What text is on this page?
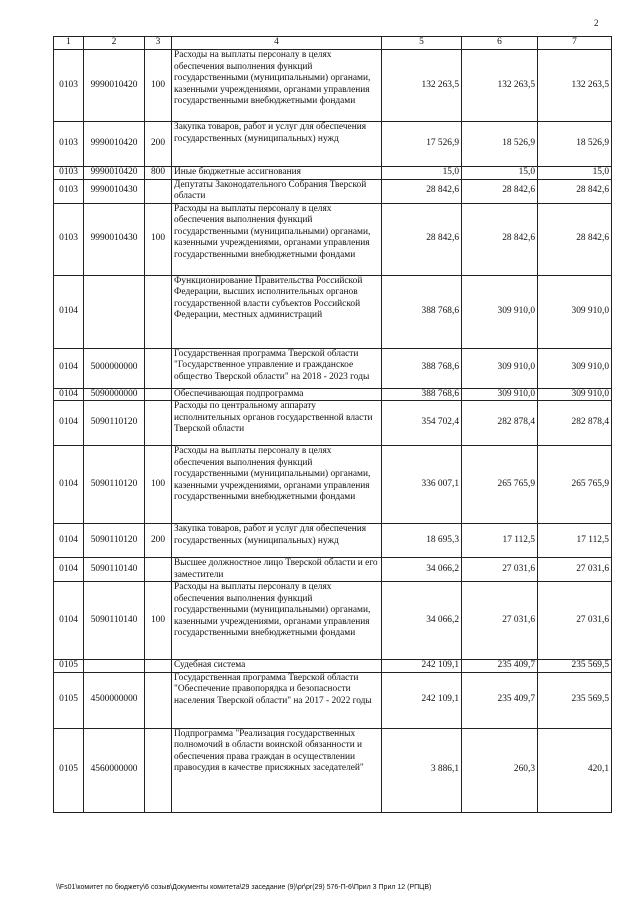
2
1	2	3	4	5	6	7
0103	9990010420	100	Расходы на выплаты персоналу в целях обеспечения выполнения функций государственными (муниципальными) органами, казенными учреждениями, органами управления государственными внебюджетными фондами	132 263,5	132 263,5	132 263,5
0103	9990010420	200	Закупка товаров, работ и услуг для обеспечения государственных (муниципальных) нужд	17 526,9	18 526,9	18 526,9
0103	9990010420	800	Иные бюджетные ассигнования	15,0	15,0	15,0
0103	9990010430		Депутаты Законодательного Собрания Тверской области	28 842,6	28 842,6	28 842,6
0103	9990010430	100	Расходы на выплаты персоналу в целях обеспечения выполнения функций государственными (муниципальными) органами, казенными учреждениями, органами управления государственными внебюджетными фондами	28 842,6	28 842,6	28 842,6
0104			Функционирование Правительства Российской Федерации, высших исполнительных органов государственной власти субъектов Российской Федерации, местных администраций	388 768,6	309 910,0	309 910,0
0104	5000000000		Государственная программа Тверской области "Государственное управление и гражданское общество Тверской области" на 2018 - 2023 годы	388 768,6	309 910,0	309 910,0
0104	5090000000		Обеспечивающая подпрограмма	388 768,6	309 910,0	309 910,0
0104	5090110120		Расходы по центральному аппарату исполнительных органов государственной власти Тверской области	354 702,4	282 878,4	282 878,4
0104	5090110120	100	Расходы на выплаты персоналу в целях обеспечения выполнения функций государственными (муниципальными) органами, казенными учреждениями, органами управления государственными внебюджетными фондами	336 007,1	265 765,9	265 765,9
0104	5090110120	200	Закупка товаров, работ и услуг для обеспечения государственных (муниципальных) нужд	18 695,3	17 112,5	17 112,5
0104	5090110140		Высшее должностное лицо Тверской области и его заместители	34 066,2	27 031,6	27 031,6
0104	5090110140	100	Расходы на выплаты персоналу в целях обеспечения выполнения функций государственными (муниципальными) органами, казенными учреждениями, органами управления государственными внебюджетными фондами	34 066,2	27 031,6	27 031,6
0105			Судебная система	242 109,1	235 409,7	235 569,5
0105	4500000000		Государственная программа Тверской области "Обеспечение правопорядка и безопасности населения Тверской области" на 2017 - 2022 годы	242 109,1	235 409,7	235 569,5
0105	4560000000		Подпрограмма "Реализация государственных полномочий в области воинской обязанности и обеспечения права граждан в осуществлении правосудия в качестве присяжных заседателей"	3 886,1	260,3	420,1
\\Fs01\комитет по бюджету\6 созыв\Документы комитета\29 заседание (9)\pr\pr(29) 576-П-6\Прил 3 Прил 12 (РПЦВ)
